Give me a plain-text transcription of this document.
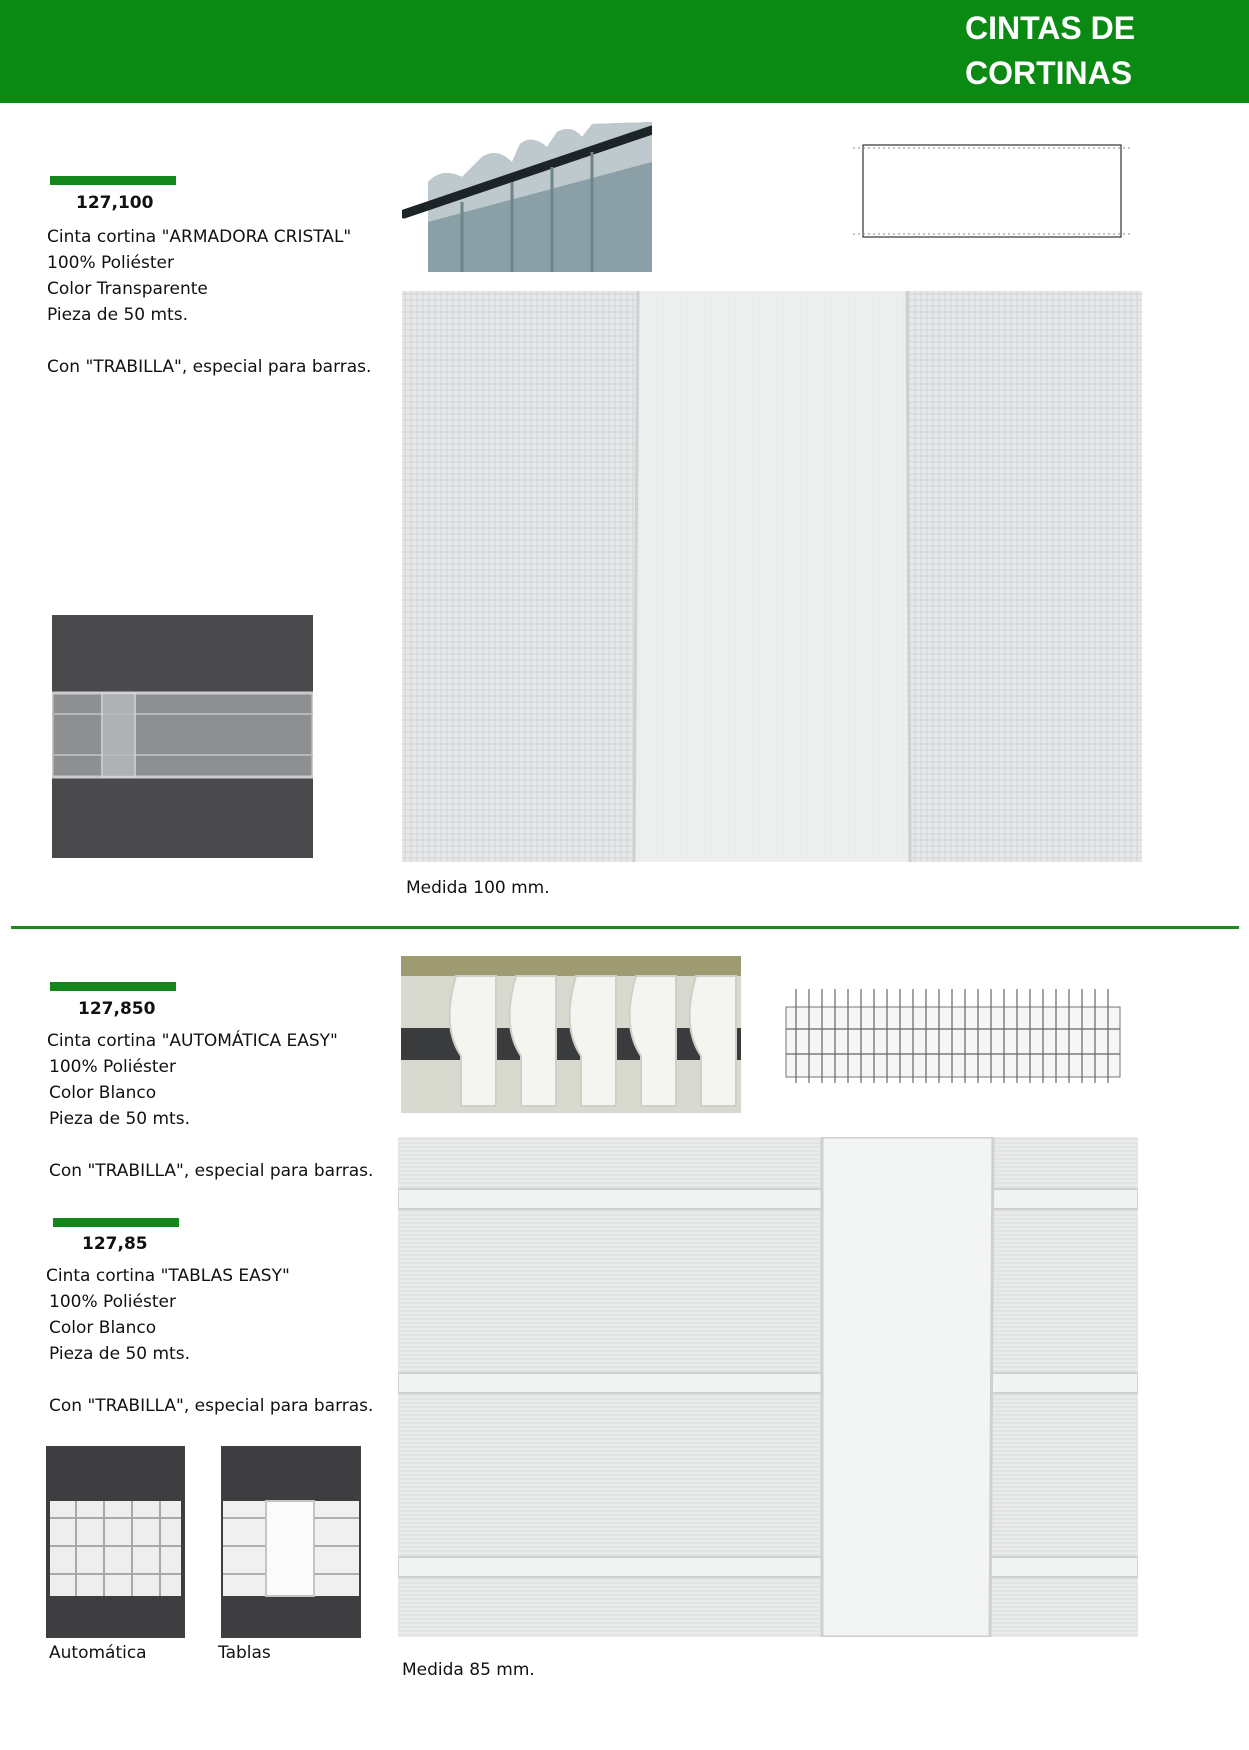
CINTAS DE
CORTINAS
127,100
Cinta cortina "ARMADORA CRISTAL"
100% Poliéster
Color Transparente
Pieza de 50 mts.
Con "TRABILLA", especial para barras.
Medida 100 mm.
127,850
Cinta cortina "AUTOMÁTICA EASY"
100% Poliéster
Color Blanco
Pieza de 50 mts.
Con "TRABILLA", especial para barras.
Medida 85 mm.
127,85
Cinta cortina "TABLAS EASY"
100% Poliéster
Color Blanco
Pieza de 50 mts.
Con "TRABILLA", especial para barras.
Automática	Tablas
